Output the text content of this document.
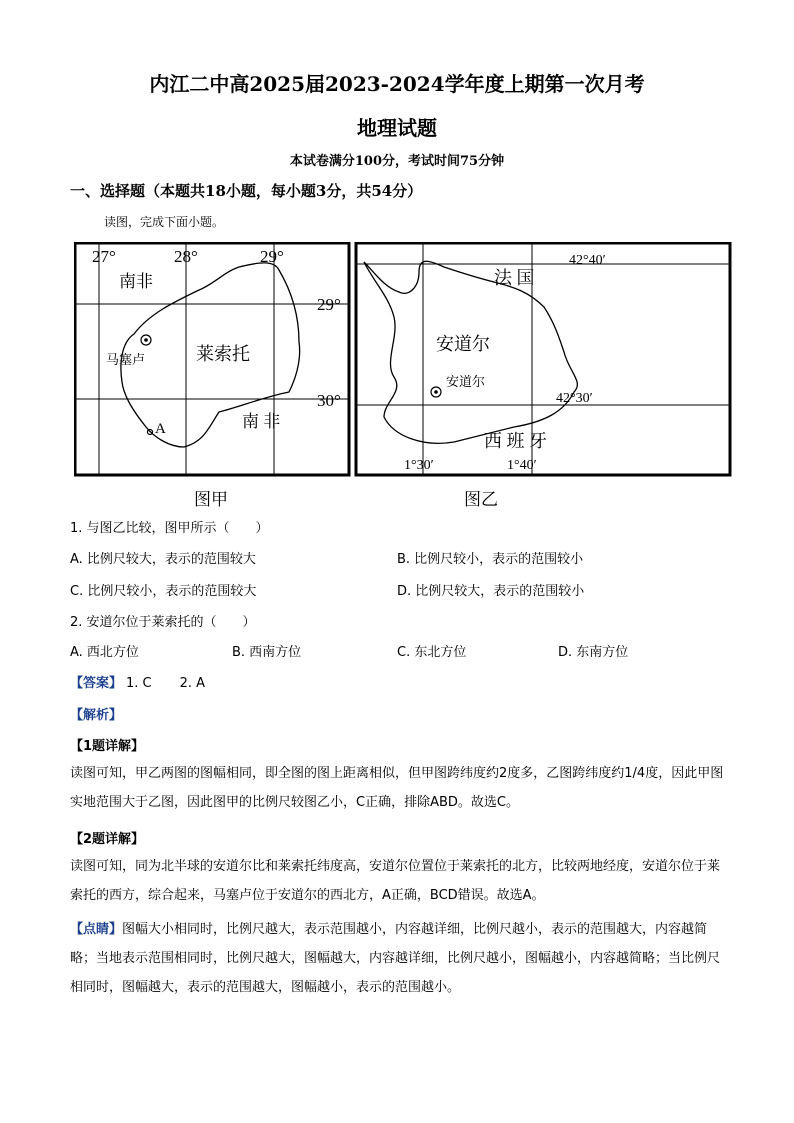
内江二中高2025届2023-2024学年度上期第一次月考
地理试题
本试卷满分100分，考试时间75分钟
一、选择题（本题共18小题，每小题3分，共54分）
读图，完成下面小题。
27°	28°	29°
29°
30°
南非
莱索托
南 非
马塞卢
A
图甲
42°40′
42°30′
1°30′	1°40′
法 国
安道尔
西 班 牙
安道尔
图乙
1. 与图乙比较，图甲所示（　　）
A. 比例尺较大，表示的范围较大	B. 比例尺较小，表示的范围较小
C. 比例尺较小，表示的范围较大	D. 比例尺较大，表示的范围较小
2. 安道尔位于莱索托的（　　）
A. 西北方位	B. 西南方位	C. 东北方位	D. 东南方位
【答案】 1. C 2. A
【解析】
【1题详解】
读图可知，甲乙两图的图幅相同，即全图的图上距离相似，但甲图跨纬度约2度多，乙图跨纬度约1/4度，因此甲图实地范围大于乙图，因此图甲的比例尺较图乙小，C正确，排除ABD。故选C。
【2题详解】
读图可知，同为北半球的安道尔比和莱索托纬度高，安道尔位置位于莱索托的北方，比较两地经度，安道尔位于莱索托的西方，综合起来，马塞卢位于安道尔的西北方，A正确，BCD错误。故选A。
【点睛】图幅大小相同时，比例尺越大，表示范围越小，内容越详细，比例尺越小，表示的范围越大，内容越简略；当地表示范围相同时，比例尺越大，图幅越大，内容越详细，比例尺越小，图幅越小，内容越简略；当比例尺相同时，图幅越大，表示的范围越大，图幅越小，表示的范围越小。
